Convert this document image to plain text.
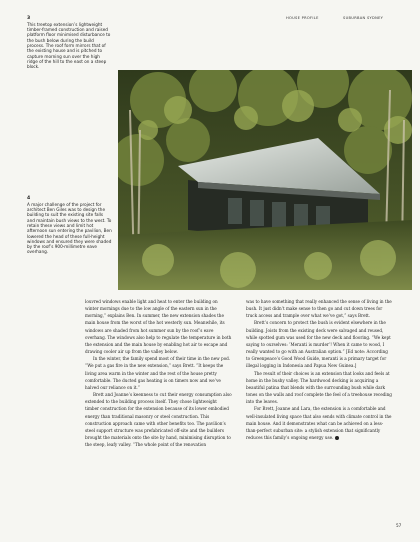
HOUSE PROFILE	SUBURBAN SYDNEY
3
This treetop extension’s lightweight timber-framed construction and raised platform floor minimised disturbance to the bush below during the build process. The roof form mirrors that of the existing house and is pitched to capture morning sun over the high ridge of the hill to the east on a steep block.
4
A major challenge of the project for architect Ben Giles was to design the building to suit the existing site falls and maintain bush views to the west. To retain these views and limit hot afternoon sun entering the pavilion, Ben lowered the head of these full-height windows and ensured they were shaded by the roof’s 900-millimetre eave overhang.

louvred windows enable light and heat to enter the building on winter mornings due to the low angle of the eastern sun in the morning,” explains Ben. In summer, the new extension shades the main house from the worst of the hot westerly sun. Meanwhile, its windows are shaded from hot summer sun by the roof’s eave overhang. The windows also help to regulate the temperature in both the extension and the main house by enabling hot air to escape and drawing cooler air up from the valley below.

In the winter, the family spend most of their time in the new pod. “We put a gas fire in the new extension,” says Brett. “It keeps the living area warm in the winter and the rest of the house pretty comfortable. The ducted gas heating is on timers now and we’ve halved our reliance on it.”

Brett and Joanne’s keenness to cut their energy consumption also extended to the building process itself. They chose lightweight timber construction for the extension because of its lower embodied energy than traditional masonry or steel construction. This construction approach came with other benefits too. The pavilion’s steel support structure was prefabricated off-site and the builders brought the materials onto the site by hand, minimising disruption to the steep, leafy valley. “The whole point of the renovation

was to have something that really enhanced the sense of living in the bush. It just didn’t make sense to then go and cut down trees for truck access and trample over what we’ve got,” says Brett.

Brett’s concern to protect the bush is evident elsewhere in the building. Joists from the existing deck were salvaged and reused, while spotted gum was used for the new deck and flooring. “We kept saying to ourselves: ‘Meranti is murder’! When it came to wood, I really wanted to go with an Australian option.” [Ed note: According to Greenpeace’s Good Wood Guide, meranti is a primary target for illegal logging in Indonesia and Papua New Guinea.]

The result of their choices is an extension that looks and feels at home in the bushy valley. The hardwood decking is acquiring a beautiful patina that blends with the surrounding bush while dark tones on the walls and roof complete the feel of a treehouse receding into the leaves.

For Brett, Joanne and Lara, the extension is a comfortable and well-insulated living space that also sends with climate control in the main house. And it demonstrates what can be achieved on a less-than-perfect suburban site: a stylish extension that significantly reduces this family’s ongoing energy use.

57
